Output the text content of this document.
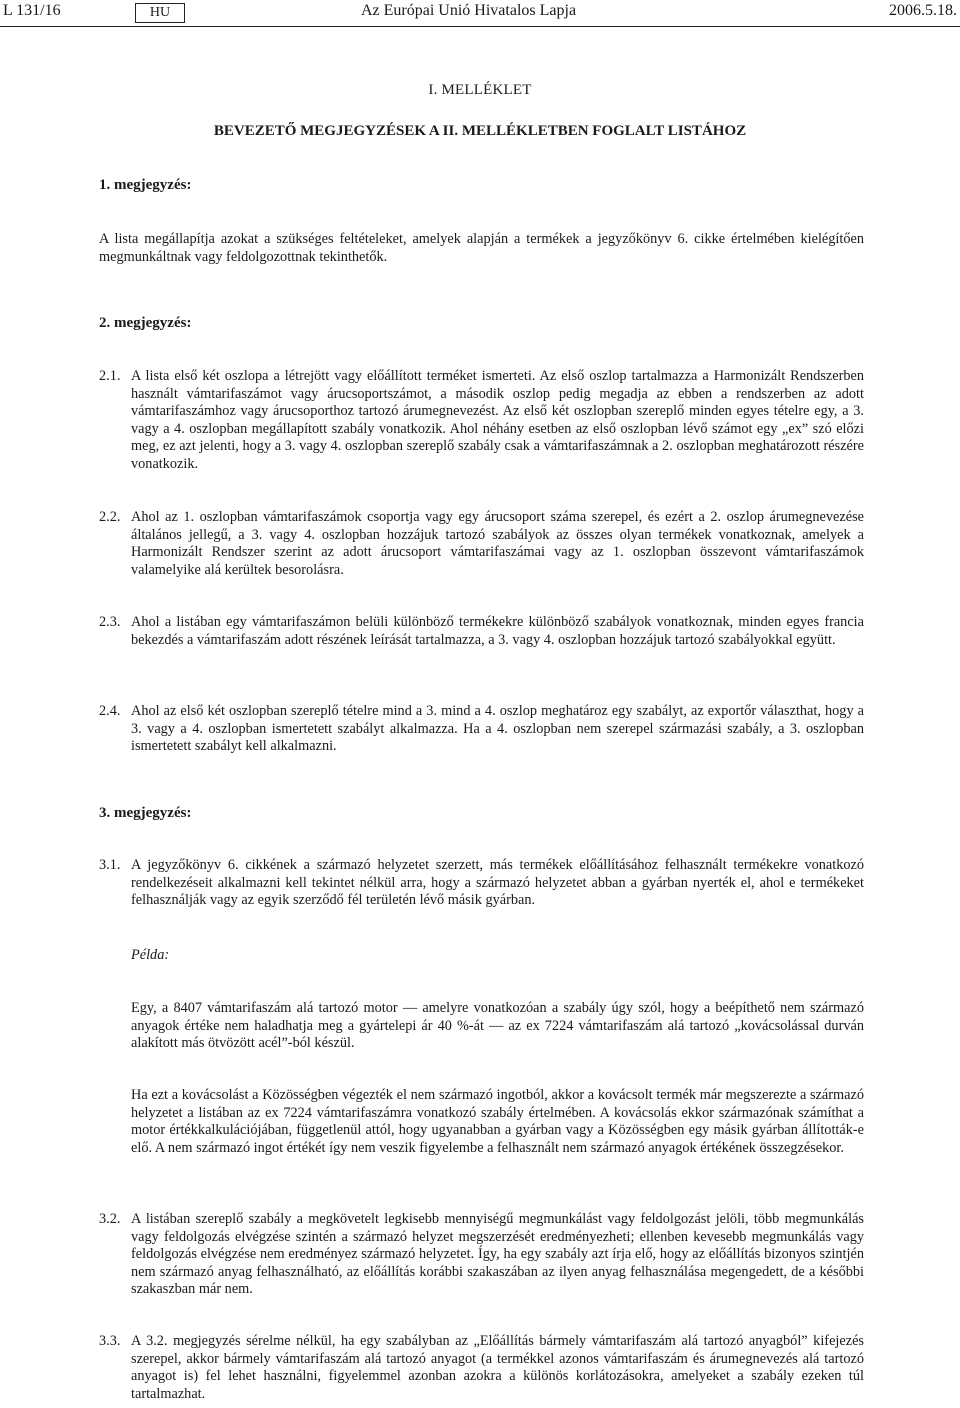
L 131/16	HU	Az Európai Unió Hivatalos Lapja	2006.5.18.
I. MELLÉKLET
BEVEZETŐ MEGJEGYZÉSEK A II. MELLÉKLETBEN FOGLALT LISTÁHOZ
1. megjegyzés:
A lista megállapítja azokat a szükséges feltételeket, amelyek alapján a termékek a jegyzőkönyv 6. cikke értelmében kielégítően megmunkáltnak vagy feldolgozottnak tekinthetők.
2. megjegyzés:
2.1. A lista első két oszlopa a létrejött vagy előállított terméket ismerteti. Az első oszlop tartalmazza a Harmonizált Rendszerben használt vámtarifaszámot vagy árucsoportszámot, a második oszlop pedig megadja az ebben a rendszerben az adott vámtarifaszámhoz vagy árucsoporthoz tartozó árumegnevezést. Az első két oszlopban szereplő minden egyes tételre egy, a 3. vagy a 4. oszlopban megállapított szabály vonatkozik. Ahol néhány esetben az első oszlopban lévő számot egy „ex” szó előzi meg, ez azt jelenti, hogy a 3. vagy 4. oszlopban szereplő szabály csak a vámtarifaszámnak a 2. oszlopban meghatározott részére vonatkozik.
2.2. Ahol az 1. oszlopban vámtarifaszámok csoportja vagy egy árucsoport száma szerepel, és ezért a 2. oszlop árumegnevezése általános jellegű, a 3. vagy 4. oszlopban hozzájuk tartozó szabályok az összes olyan termékek vonatkoznak, amelyek a Harmonizált Rendszer szerint az adott árucsoport vámtarifaszámai vagy az 1. oszlopban összevont vámtarifaszámok valamelyike alá kerültek besorolásra.
2.3. Ahol a listában egy vámtarifaszámon belüli különböző termékekre különböző szabályok vonatkoznak, minden egyes francia bekezdés a vámtarifaszám adott részének leírását tartalmazza, a 3. vagy 4. oszlopban hozzájuk tartozó szabályokkal együtt.
2.4. Ahol az első két oszlopban szereplő tételre mind a 3. mind a 4. oszlop meghatároz egy szabályt, az exportőr választhat, hogy a 3. vagy a 4. oszlopban ismertetett szabályt alkalmazza. Ha a 4. oszlopban nem szerepel származási szabály, a 3. oszlopban ismertetett szabályt kell alkalmazni.
3. megjegyzés:
3.1. A jegyzőkönyv 6. cikkének a származó helyzetet szerzett, más termékek előállításához felhasznált termékekre vonatkozó rendelkezéseit alkalmazni kell tekintet nélkül arra, hogy a származó helyzetet abban a gyárban nyerték el, ahol e termékeket felhasználják vagy az egyik szerződő fél területén lévő másik gyárban.
Példa:
Egy, a 8407 vámtarifaszám alá tartozó motor — amelyre vonatkozóan a szabály úgy szól, hogy a beépíthető nem származó anyagok értéke nem haladhatja meg a gyártelepi ár 40 %-át — az ex 7224 vámtarifaszám alá tartozó „kovácsolással durván alakított más ötvözött acél”-ból készül.
Ha ezt a kovácsolást a Közösségben végezték el nem származó ingotból, akkor a kovácsolt termék már megszerezte a származó helyzetet a listában az ex 7224 vámtarifaszámra vonatkozó szabály értelmében. A kovácsolás ekkor származónak számíthat a motor értékkalkulációjában, függetlenül attól, hogy ugyanabban a gyárban vagy a Közösségben egy másik gyárban állították-e elő. A nem származó ingot értékét így nem veszik figyelembe a felhasznált nem származó anyagok értékének összegzésekor.
3.2. A listában szereplő szabály a megkövetelt legkisebb mennyiségű megmunkálást vagy feldolgozást jelöli, több megmunkálás vagy feldolgozás elvégzése szintén a származó helyzet megszerzését eredményezheti; ellenben kevesebb megmunkálás vagy feldolgozás elvégzése nem eredményez származó helyzetet. Így, ha egy szabály azt írja elő, hogy az előállítás bizonyos szintjén nem származó anyag felhasználható, az előállítás korábbi szakaszában az ilyen anyag felhasználása megengedett, de a későbbi szakaszban már nem.
3.3. A 3.2. megjegyzés sérelme nélkül, ha egy szabályban az „Előállítás bármely vámtarifaszám alá tartozó anyagból” kifejezés szerepel, akkor bármely vámtarifaszám alá tartozó anyagot (a termékkel azonos vámtarifaszám és árumegnevezés alá tartozó anyagot is) fel lehet használni, figyelemmel azonban azokra a különös korlátozásokra, amelyeket a szabály ezeken túl tartalmazhat.
